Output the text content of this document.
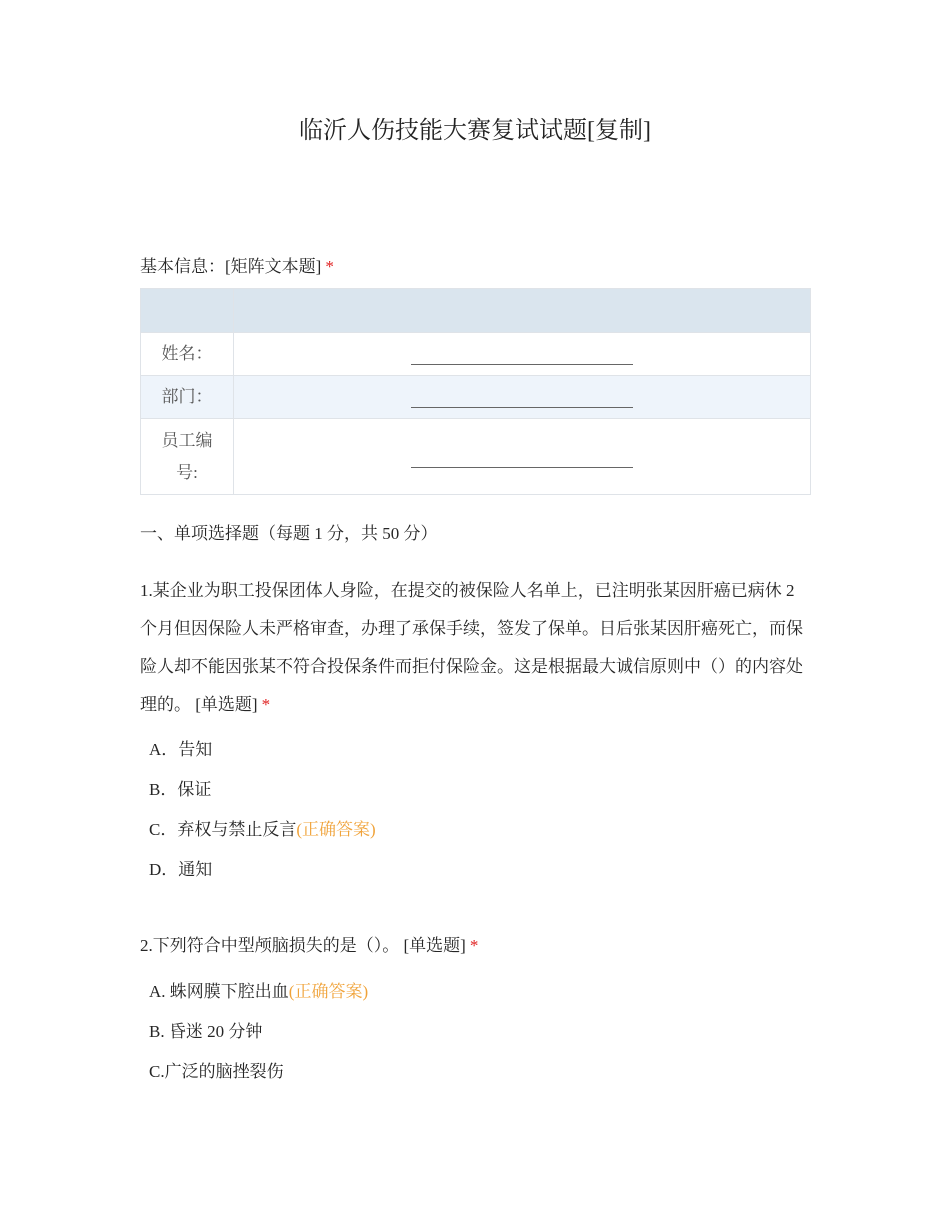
临沂人伤技能大赛复试试题[复制]
基本信息：[矩阵文本题] *

姓名：	
部门：	
员工编号:	
一、单项选择题（每题 1 分，共 50 分）
1.某企业为职工投保团体人身险，在提交的被保险人名单上，已注明张某因肝癌已病休 2 个月但因保险人未严格审查，办理了承保手续，签发了保单。日后张某因肝癌死亡，而保险人却不能因张某不符合投保条件而拒付保险金。这是根据最大诚信原则中（）的内容处理的。 [单选题] *
A．告知
B．保证
C．弃权与禁止反言(正确答案)
D．通知
2.下列符合中型颅脑损失的是（）。 [单选题] *
A. 蛛网膜下腔出血(正确答案)
B. 昏迷 20 分钟
C.广泛的脑挫裂伤
